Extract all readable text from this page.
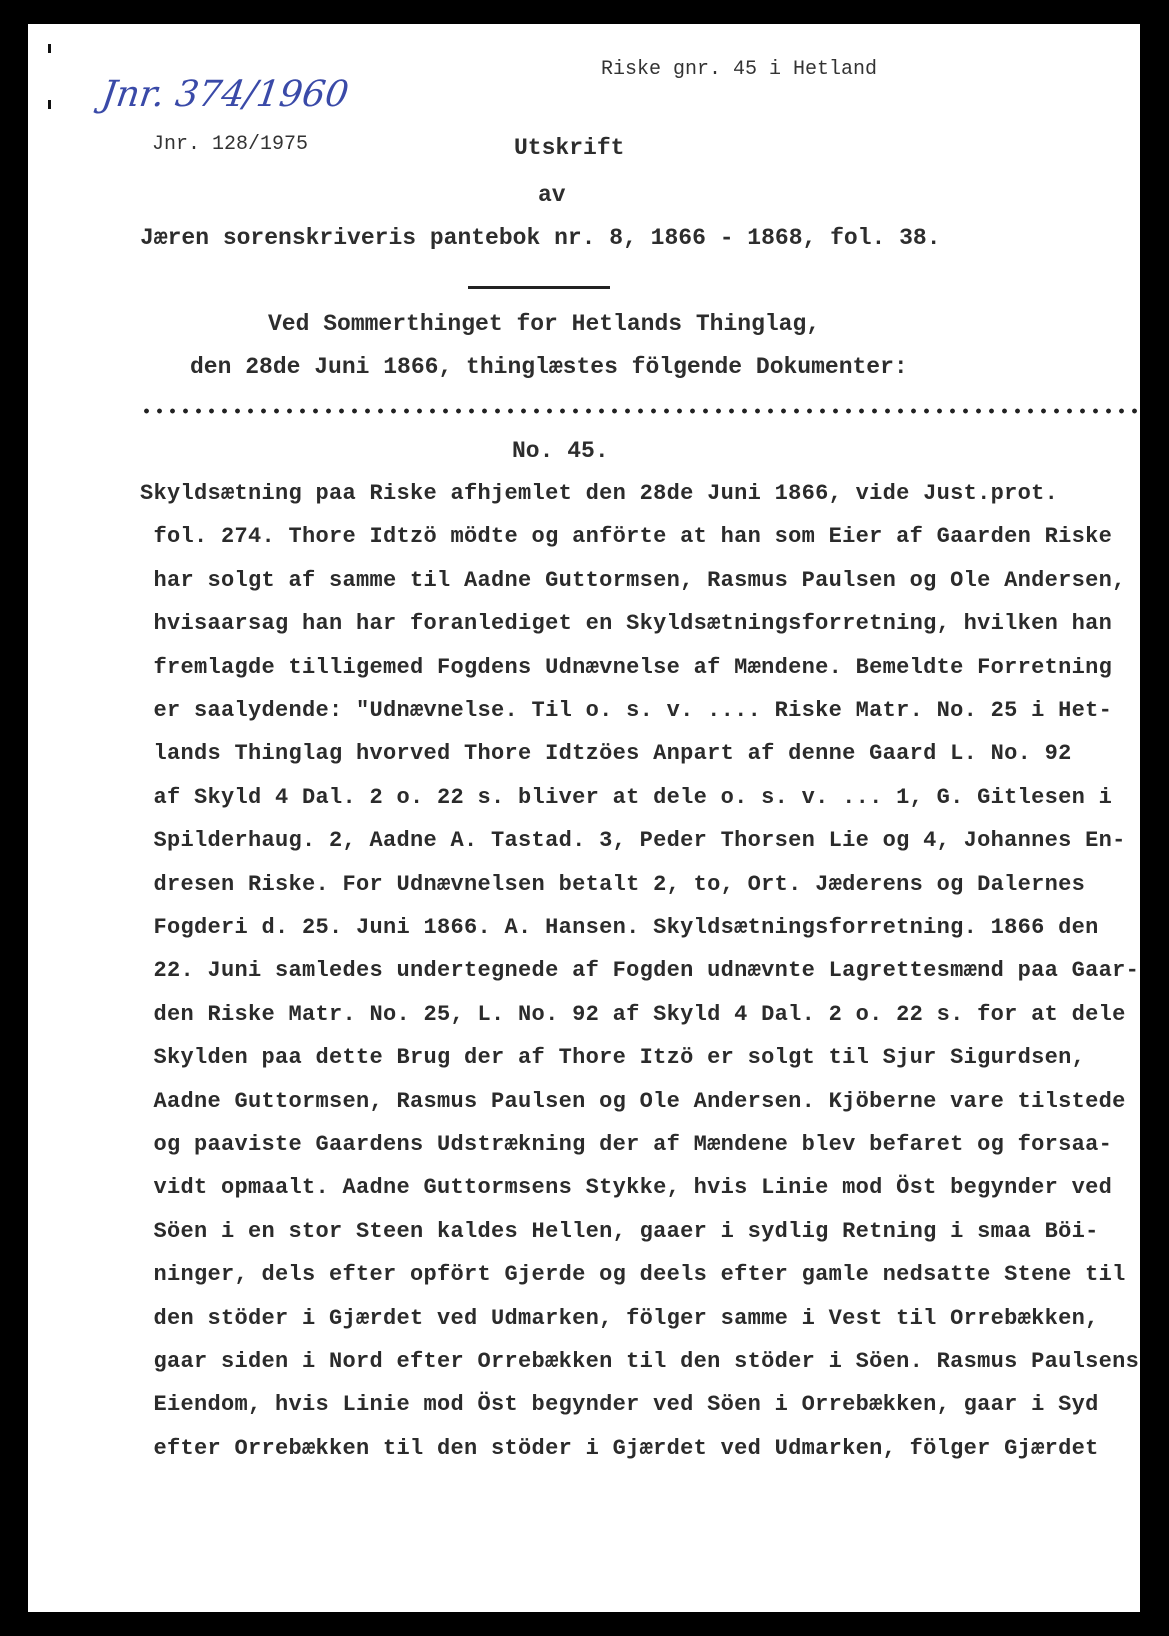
Jnr. 374/1960
Riske gnr. 45 i Hetland
Jnr. 128/1975	Utskrift
av
Jæren sorenskriveris pantebok nr. 8, 1866 - 1868, fol. 38.
Ved Sommerthinget for Hetlands Thinglag,
den 28de Juni 1866, thinglæstes fölgende Dokumenter:
No. 45.
Skyldsætning paa Riske afhjemlet den 28de Juni 1866, vide Just.prot.
fol. 274. Thore Idtzö mödte og anförte at han som Eier af Gaarden Riske
har solgt af samme til Aadne Guttormsen, Rasmus Paulsen og Ole Andersen,
hvisaarsag han har foranlediget en Skyldsætningsforretning, hvilken han
fremlagde tilligemed Fogdens Udnævnelse af Mændene. Bemeldte Forretning
er saalydende: "Udnævnelse. Til o. s. v. .... Riske Matr. No. 25 i Het-
lands Thinglag hvorved Thore Idtzöes Anpart af denne Gaard L. No. 92
af Skyld 4 Dal. 2 o. 22 s. bliver at dele o. s. v. ... 1, G. Gitlesen i
Spilderhaug. 2, Aadne A. Tastad. 3, Peder Thorsen Lie og 4, Johannes En-
dresen Riske. For Udnævnelsen betalt 2, to, Ort. Jæderens og Dalernes
Fogderi d. 25. Juni 1866. A. Hansen. Skyldsætningsforretning. 1866 den
22. Juni samledes undertegnede af Fogden udnævnte Lagrettesmænd paa Gaar-
den Riske Matr. No. 25, L. No. 92 af Skyld 4 Dal. 2 o. 22 s. for at dele
Skylden paa dette Brug der af Thore Itzö er solgt til Sjur Sigurdsen,
Aadne Guttormsen, Rasmus Paulsen og Ole Andersen. Kjöberne vare tilstede
og paaviste Gaardens Udstrækning der af Mændene blev befaret og forsaa-
vidt opmaalt. Aadne Guttormsens Stykke, hvis Linie mod Öst begynder ved
Söen i en stor Steen kaldes Hellen, gaaer i sydlig Retning i smaa Böi-
ninger, dels efter opfört Gjerde og deels efter gamle nedsatte Stene til
den stöder i Gjærdet ved Udmarken, fölger samme i Vest til Orrebækken,
gaar siden i Nord efter Orrebækken til den stöder i Söen. Rasmus Paulsens
Eiendom, hvis Linie mod Öst begynder ved Söen i Orrebækken, gaar i Syd
efter Orrebækken til den stöder i Gjærdet ved Udmarken, fölger Gjærdet
